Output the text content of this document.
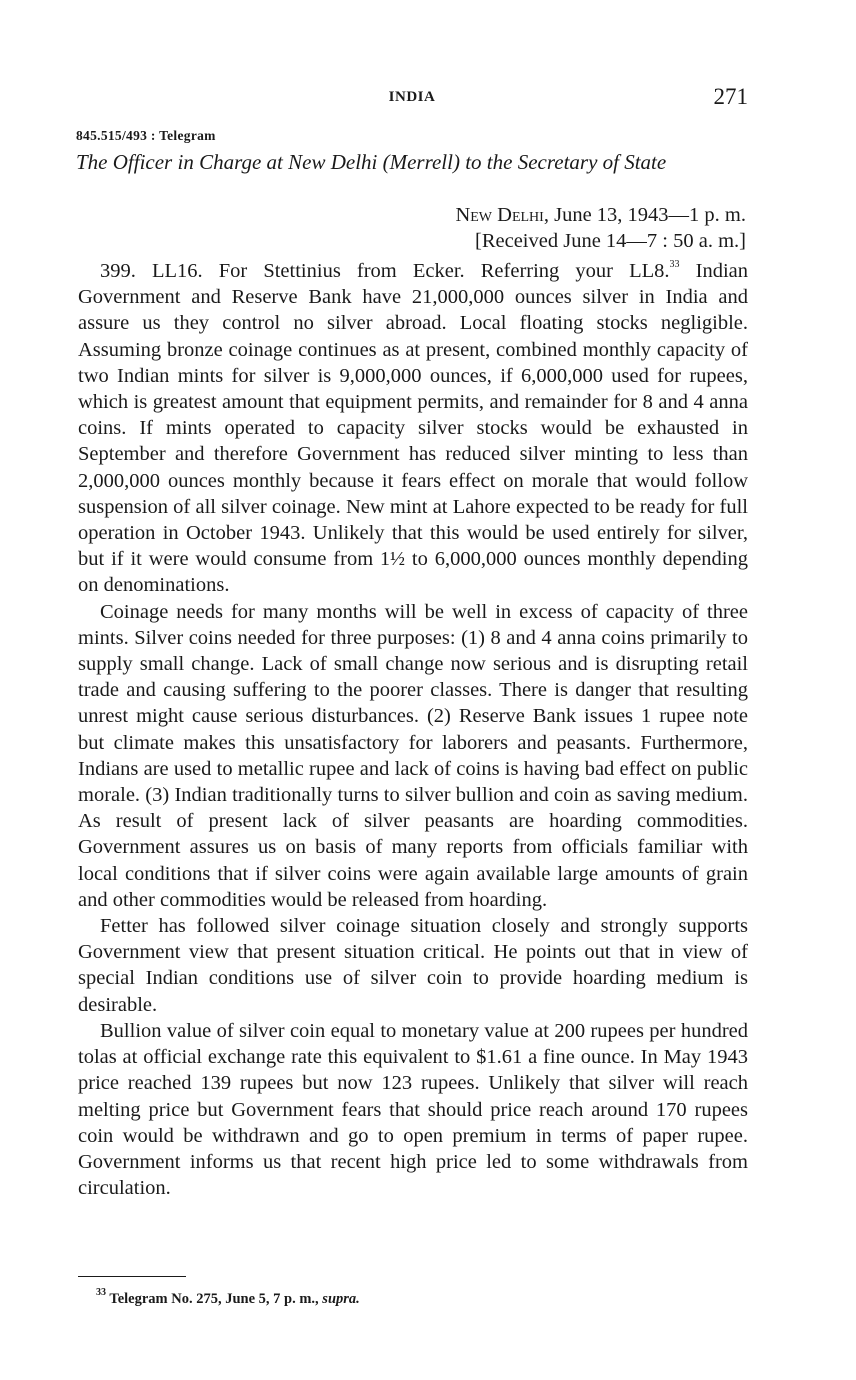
INDIA	271
845.515/493 : Telegram
The Officer in Charge at New Delhi (Merrell) to the Secretary of State
New Delhi, June 13, 1943—1 p. m.
[Received June 14—7 : 50 a. m.]

399. LL16. For Stettinius from Ecker. Referring your LL8.33 Indian Government and Reserve Bank have 21,000,000 ounces silver in India and assure us they control no silver abroad. Local floating stocks negligible. Assuming bronze coinage continues as at present, combined monthly capacity of two Indian mints for silver is 9,000,000 ounces, if 6,000,000 used for rupees, which is greatest amount that equipment permits, and remainder for 8 and 4 anna coins. If mints operated to capacity silver stocks would be exhausted in September and therefore Government has reduced silver minting to less than 2,000,000 ounces monthly because it fears effect on morale that would follow suspension of all silver coinage. New mint at Lahore expected to be ready for full operation in October 1943. Unlikely that this would be used entirely for silver, but if it were would consume from 1½ to 6,000,000 ounces monthly depending on denominations.

Coinage needs for many months will be well in excess of capacity of three mints. Silver coins needed for three purposes: (1) 8 and 4 anna coins primarily to supply small change. Lack of small change now serious and is disrupting retail trade and causing suffering to the poorer classes. There is danger that resulting unrest might cause serious disturbances. (2) Reserve Bank issues 1 rupee note but climate makes this unsatisfactory for laborers and peasants. Furthermore, Indians are used to metallic rupee and lack of coins is having bad effect on public morale. (3) Indian traditionally turns to silver bullion and coin as saving medium. As result of present lack of silver peasants are hoarding commodities. Government assures us on basis of many reports from officials familiar with local conditions that if silver coins were again available large amounts of grain and other commodities would be released from hoarding.

Fetter has followed silver coinage situation closely and strongly supports Government view that present situation critical. He points out that in view of special Indian conditions use of silver coin to provide hoarding medium is desirable.

Bullion value of silver coin equal to monetary value at 200 rupees per hundred tolas at official exchange rate this equivalent to $1.61 a fine ounce. In May 1943 price reached 139 rupees but now 123 rupees. Unlikely that silver will reach melting price but Government fears that should price reach around 170 rupees coin would be withdrawn and go to open premium in terms of paper rupee. Government informs us that recent high price led to some withdrawals from circulation.

$^{33}$ Telegram No. 275, June 5, 7 p. m., supra.
